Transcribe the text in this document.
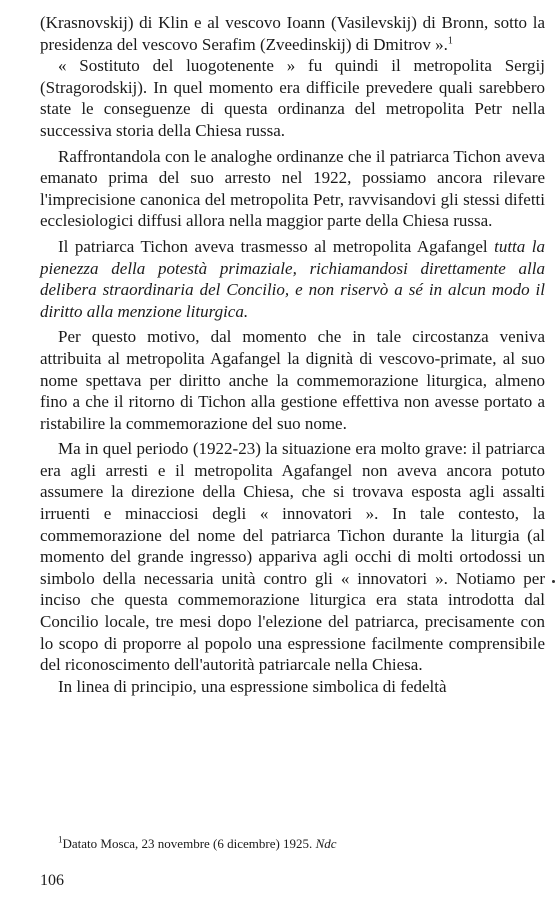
(Krasnovskij) di Klin e al vescovo Ioann (Vasilevskij) di Bronn, sotto la presidenza del vescovo Serafim (Zveedinskij) di Dmitrov ».$^1$

« Sostituto del luogotenente » fu quindi il metropolita Sergij (Stragorodskij). In quel momento era difficile prevedere quali sarebbero state le conseguenze di questa ordinanza del metropolita Petr nella successiva storia della Chiesa russa.

Raffrontandola con le analoghe ordinanze che il patriarca Tichon aveva emanato prima del suo arresto nel 1922, possiamo ancora rilevare l'imprecisione canonica del metropolita Petr, ravvisandovi gli stessi difetti ecclesiologici diffusi allora nella maggior parte della Chiesa russa.

Il patriarca Tichon aveva trasmesso al metropolita Agafangel tutta la pienezza della potestà primaziale, richiamandosi direttamente alla delibera straordinaria del Concilio, e non riservò a sé in alcun modo il diritto alla menzione liturgica.

Per questo motivo, dal momento che in tale circostanza veniva attribuita al metropolita Agafangel la dignità di vescovo-primate, al suo nome spettava per diritto anche la commemorazione liturgica, almeno fino a che il ritorno di Tichon alla gestione effettiva non avesse portato a ristabilire la commemorazione del suo nome.

Ma in quel periodo (1922-23) la situazione era molto grave: il patriarca era agli arresti e il metropolita Agafangel non aveva ancora potuto assumere la direzione della Chiesa, che si trovava esposta agli assalti irruenti e minacciosi degli « innovatori ». In tale contesto, la commemorazione del nome del patriarca Tichon durante la liturgia (al momento del grande ingresso) appariva agli occhi di molti ortodossi un simbolo della necessaria unità contro gli « innovatori ». Notiamo per inciso che questa commemorazione liturgica era stata introdotta dal Concilio locale, tre mesi dopo l'elezione del patriarca, precisamente con lo scopo di proporre al popolo una espressione facilmente comprensibile del riconoscimento dell'autorità patriarcale nella Chiesa.

In linea di principio, una espressione simbolica di fedeltà

$^1$Datato Mosca, 23 novembre (6 dicembre) 1925. Ndc

106
